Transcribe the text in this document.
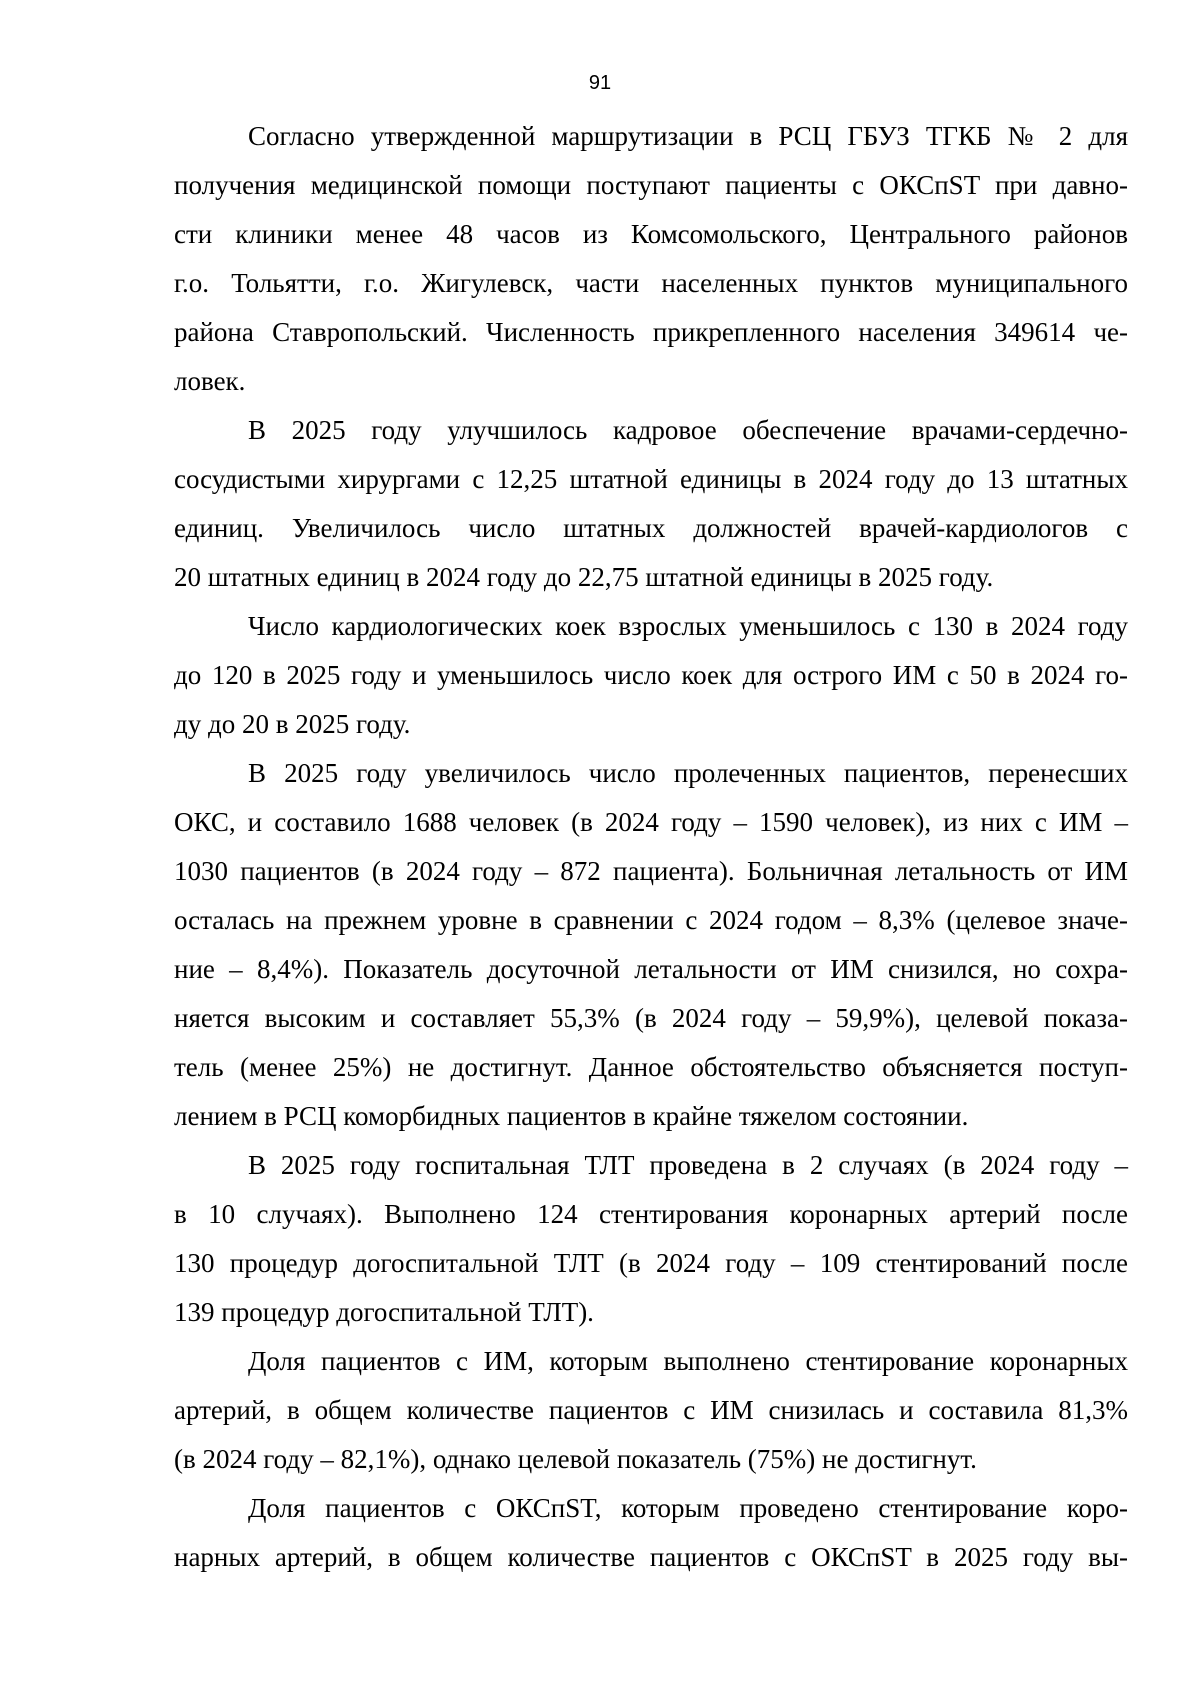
91
Согласно утвержденной маршрутизации в РСЦ ГБУЗ ТГКБ № 2 для
получения медицинской помощи поступают пациенты с ОКСпST при давно-
сти клиники менее 48 часов из Комсомольского, Центрального районов
г.о. Тольятти, г.о. Жигулевск, части населенных пунктов муниципального
района Ставропольский. Численность прикрепленного населения 349614 че-
ловек.
В 2025 году улучшилось кадровое обеспечение врачами-сердечно-
сосудистыми хирургами с 12,25 штатной единицы в 2024 году до 13 штатных
единиц. Увеличилось число штатных должностей врачей-кардиологов с
20 штатных единиц в 2024 году до 22,75 штатной единицы в 2025 году.
Число кардиологических коек взрослых уменьшилось с 130 в 2024 году
до 120 в 2025 году и уменьшилось число коек для острого ИМ с 50 в 2024 го-
ду до 20 в 2025 году.
В 2025 году увеличилось число пролеченных пациентов, перенесших
ОКС, и составило 1688 человек (в 2024 году – 1590 человек), из них с ИМ –
1030 пациентов (в 2024 году – 872 пациента). Больничная летальность от ИМ
осталась на прежнем уровне в сравнении с 2024 годом – 8,3% (целевое значе-
ние – 8,4%). Показатель досуточной летальности от ИМ снизился, но сохра-
няется высоким и составляет 55,3% (в 2024 году – 59,9%), целевой показа-
тель (менее 25%) не достигнут. Данное обстоятельство объясняется поступ-
лением в РСЦ коморбидных пациентов в крайне тяжелом состоянии.
В 2025 году госпитальная ТЛТ проведена в 2 случаях (в 2024 году –
в 10 случаях). Выполнено 124 стентирования коронарных артерий после
130 процедур догоспитальной ТЛТ (в 2024 году – 109 стентирований после
139 процедур догоспитальной ТЛТ).
Доля пациентов с ИМ, которым выполнено стентирование коронарных
артерий, в общем количестве пациентов с ИМ снизилась и составила 81,3%
(в 2024 году – 82,1%), однако целевой показатель (75%) не достигнут.
Доля пациентов с ОКСпST, которым проведено стентирование коро-
нарных артерий, в общем количестве пациентов с ОКСпST в 2025 году вы-
